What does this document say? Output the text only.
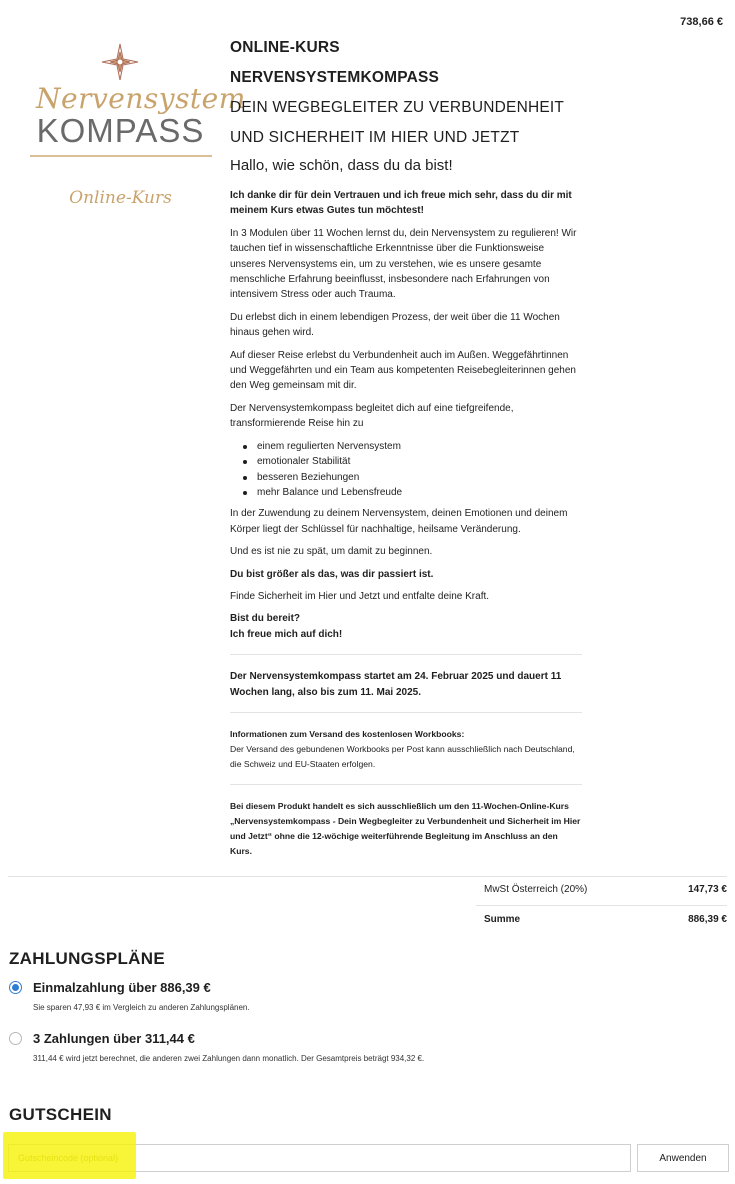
738,66 €
Nervensystem
KOMPASS
Online-Kurs
ONLINE-KURS
NERVENSYSTEMKOMPASS
DEIN WEGBEGLEITER ZU VERBUNDENHEIT
UND SICHERHEIT IM HIER UND JETZT
Hallo, wie schön, dass du da bist!

Ich danke dir für dein Vertrauen und ich freue mich sehr, dass du dir mit meinem Kurs etwas Gutes tun möchtest!

In 3 Modulen über 11 Wochen lernst du, dein Nervensystem zu regulieren! Wir tauchen tief in wissenschaftliche Erkenntnisse über die Funktionsweise unseres Nervensystems ein, um zu verstehen, wie es unsere gesamte menschliche Erfahrung beeinflusst, insbesondere nach Erfahrungen von intensivem Stress oder auch Trauma.

Du erlebst dich in einem lebendigen Prozess, der weit über die 11 Wochen hinaus gehen wird.

Auf dieser Reise erlebst du Verbundenheit auch im Außen. Weggefährtinnen und Weggefährten und ein Team aus kompetenten Reisebegleiterinnen gehen den Weg gemeinsam mit dir.

Der Nervensystemkompass begleitet dich auf eine tiefgreifende, transformierende Reise hin zu

einem regulierten Nervensystem
emotionaler Stabilität
besseren Beziehungen
mehr Balance und Lebensfreude

In der Zuwendung zu deinem Nervensystem, deinen Emotionen und deinem Körper liegt der Schlüssel für nachhaltige, heilsame Veränderung.

Und es ist nie zu spät, um damit zu beginnen.

Du bist größer als das, was dir passiert ist.

Finde Sicherheit im Hier und Jetzt und entfalte deine Kraft.

Bist du bereit?

Ich freue mich auf dich!

Der Nervensystemkompass startet am 24. Februar 2025 und dauert 11 Wochen lang, also bis zum 11. Mai 2025.

Informationen zum Versand des kostenlosen Workbooks:

Der Versand des gebundenen Workbooks per Post kann ausschließlich nach Deutschland, die Schweiz und EU-Staaten erfolgen.

Bei diesem Produkt handelt es sich ausschließlich um den 11-Wochen-Online-Kurs „Nervensystemkompass - Dein Wegbegleiter zu Verbundenheit und Sicherheit im Hier und Jetzt“ ohne die 12-wöchige weiterführende Begleitung im Anschluss an den Kurs.

MwSt Österreich (20%)	147,73 €
Summe	886,39 €
ZAHLUNGSPLÄNE
Einmalzahlung über 886,39 €
Sie sparen 47,93 € im Vergleich zu anderen Zahlungsplänen.
3 Zahlungen über 311,44 €
311,44 € wird jetzt berechnet, die anderen zwei Zahlungen dann monatlich. Der Gesamtpreis beträgt 934,32 €.
GUTSCHEIN
Gutscheincode (optional)
Anwenden
